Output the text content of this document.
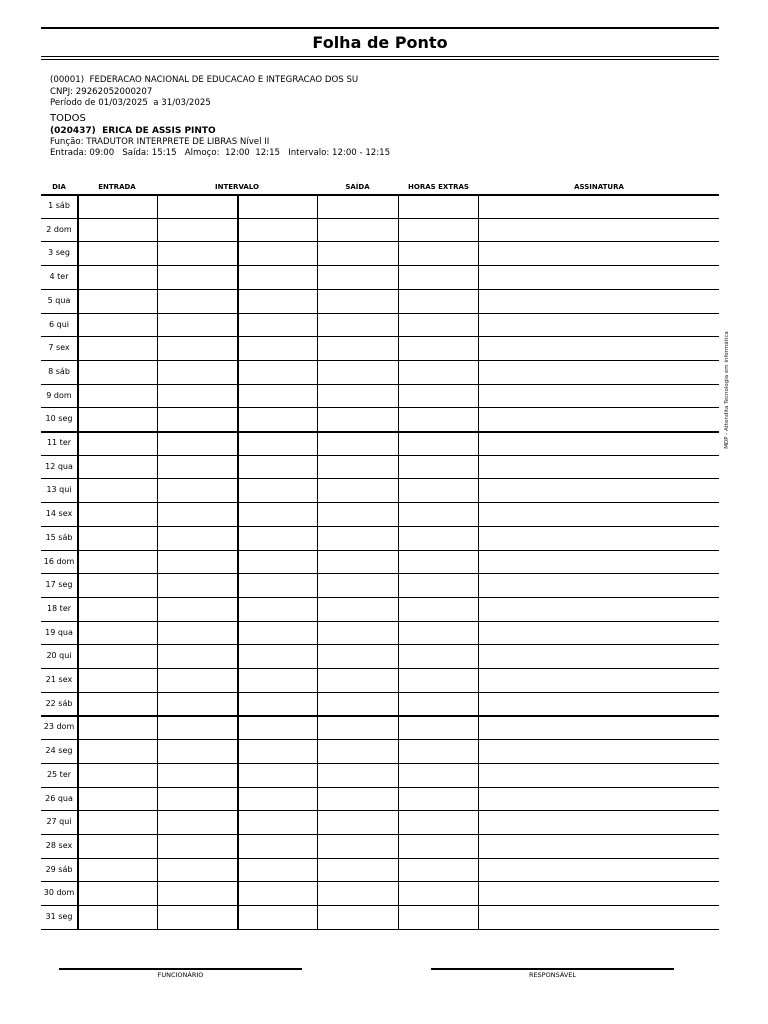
Folha de Ponto
(00001)  FEDERACAO NACIONAL DE EDUCACAO E INTEGRACAO DOS SU
CNPJ: 29262052000207
Período de 01/03/2025  a 31/03/2025
TODOS
(020437)  ERICA DE ASSIS PINTO
Função: TRADUTOR INTERPRETE DE LIBRAS Nível II
Entrada: 09:00   Saída: 15:15   Almoço:  12:00  12:15   Intervalo: 12:00 - 12:15
DIA	ENTRADA	INTERVALO	SAÍDA	HORAS EXTRAS	ASSINATURA
1 sáb
2 dom
3 seg
4 ter
5 qua
6 qui
7 sex
8 sáb
9 dom
10 seg
11 ter
12 qua
13 qui
14 sex
15 sáb
16 dom
17 seg
18 ter
19 qua
20 qui
21 sex
22 sáb
23 dom
24 seg
25 ter
26 qua
27 qui
28 sex
29 sáb
30 dom
31 seg
FUNCIONÁRIO	RESPONSÁVEL
MDP - Attendita Tecnologia em Informática
